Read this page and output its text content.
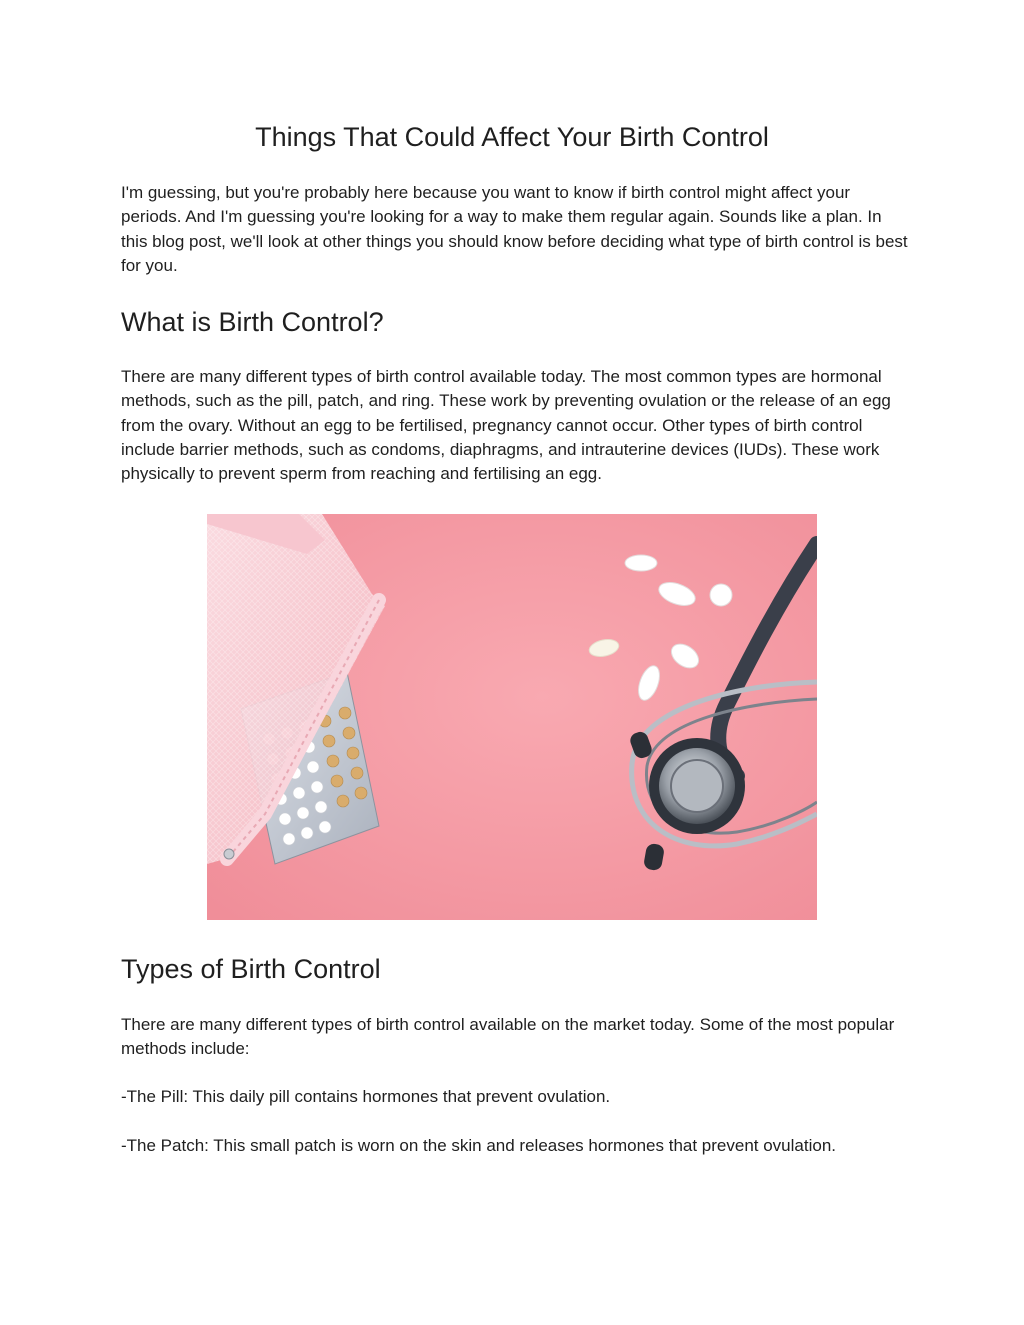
Things That Could Affect Your Birth Control

I'm guessing, but you're probably here because you want to know if birth control might affect your periods. And I'm guessing you're looking for a way to make them regular again. Sounds like a plan. In this blog post, we'll look at other things you should know before deciding what type of birth control is best for you.

What is Birth Control?

There are many different types of birth control available today. The most common types are hormonal methods, such as the pill, patch, and ring. These work by preventing ovulation or the release of an egg from the ovary. Without an egg to be fertilised, pregnancy cannot occur. Other types of birth control include barrier methods, such as condoms, diaphragms, and intrauterine devices (IUDs). These work physically to prevent sperm from reaching and fertilising an egg.

Types of Birth Control

There are many different types of birth control available on the market today. Some of the most popular methods include:

-The Pill: This daily pill contains hormones that prevent ovulation.

-The Patch: This small patch is worn on the skin and releases hormones that prevent ovulation.
